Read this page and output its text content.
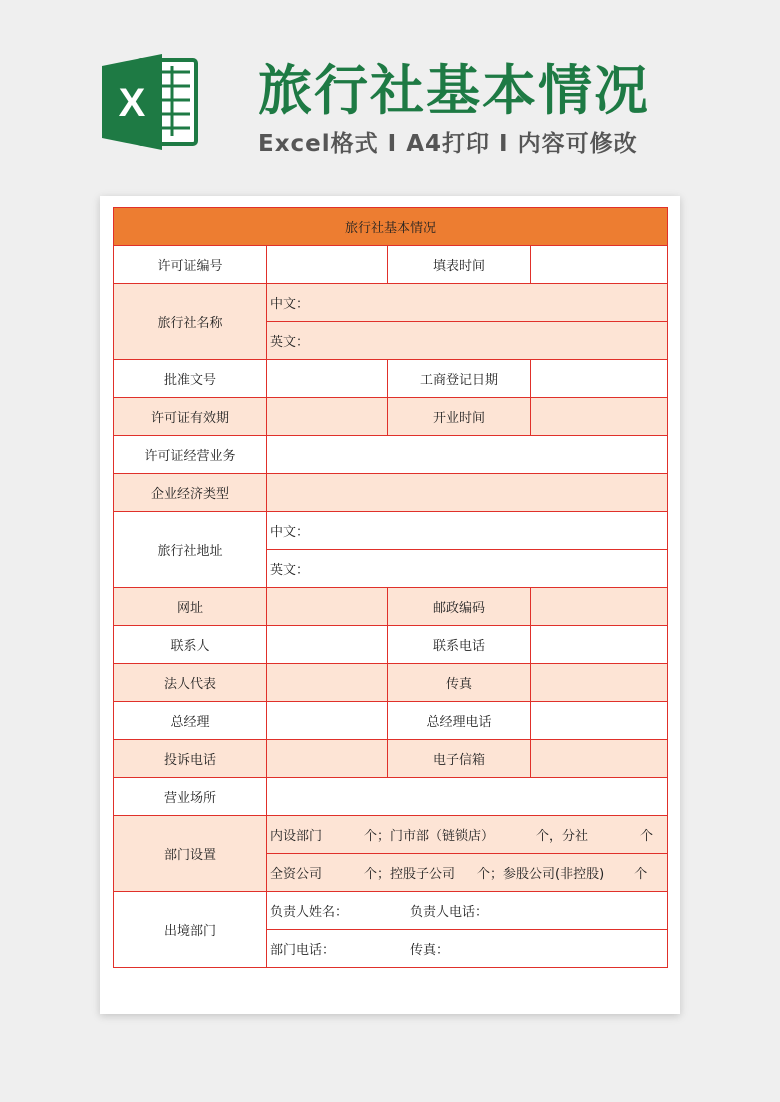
X 旅行社基本情况
Excel格式 I A4打印 I 内容可修改
旅行社基本情况			
许可证编号		填表时间	
旅行社名称	中文：		
	英文：		
批准文号		工商登记日期	
许可证有效期		开业时间	
许可证经营业务			
企业经济类型			
旅行社地址	中文：		
	英文：		
网址		邮政编码	
联系人		联系电话	
法人代表		传真	
总经理		总经理电话	
投诉电话		电子信箱	
营业场所			
部门设置	内设部门 个；门市部（链锁店） 个，分社 个		
	全资公司 个；控股子公司 个；参股公司(非控股) 个		
出境部门	负责人姓名： 负责人电话：		
	部门电话： 传真：		
